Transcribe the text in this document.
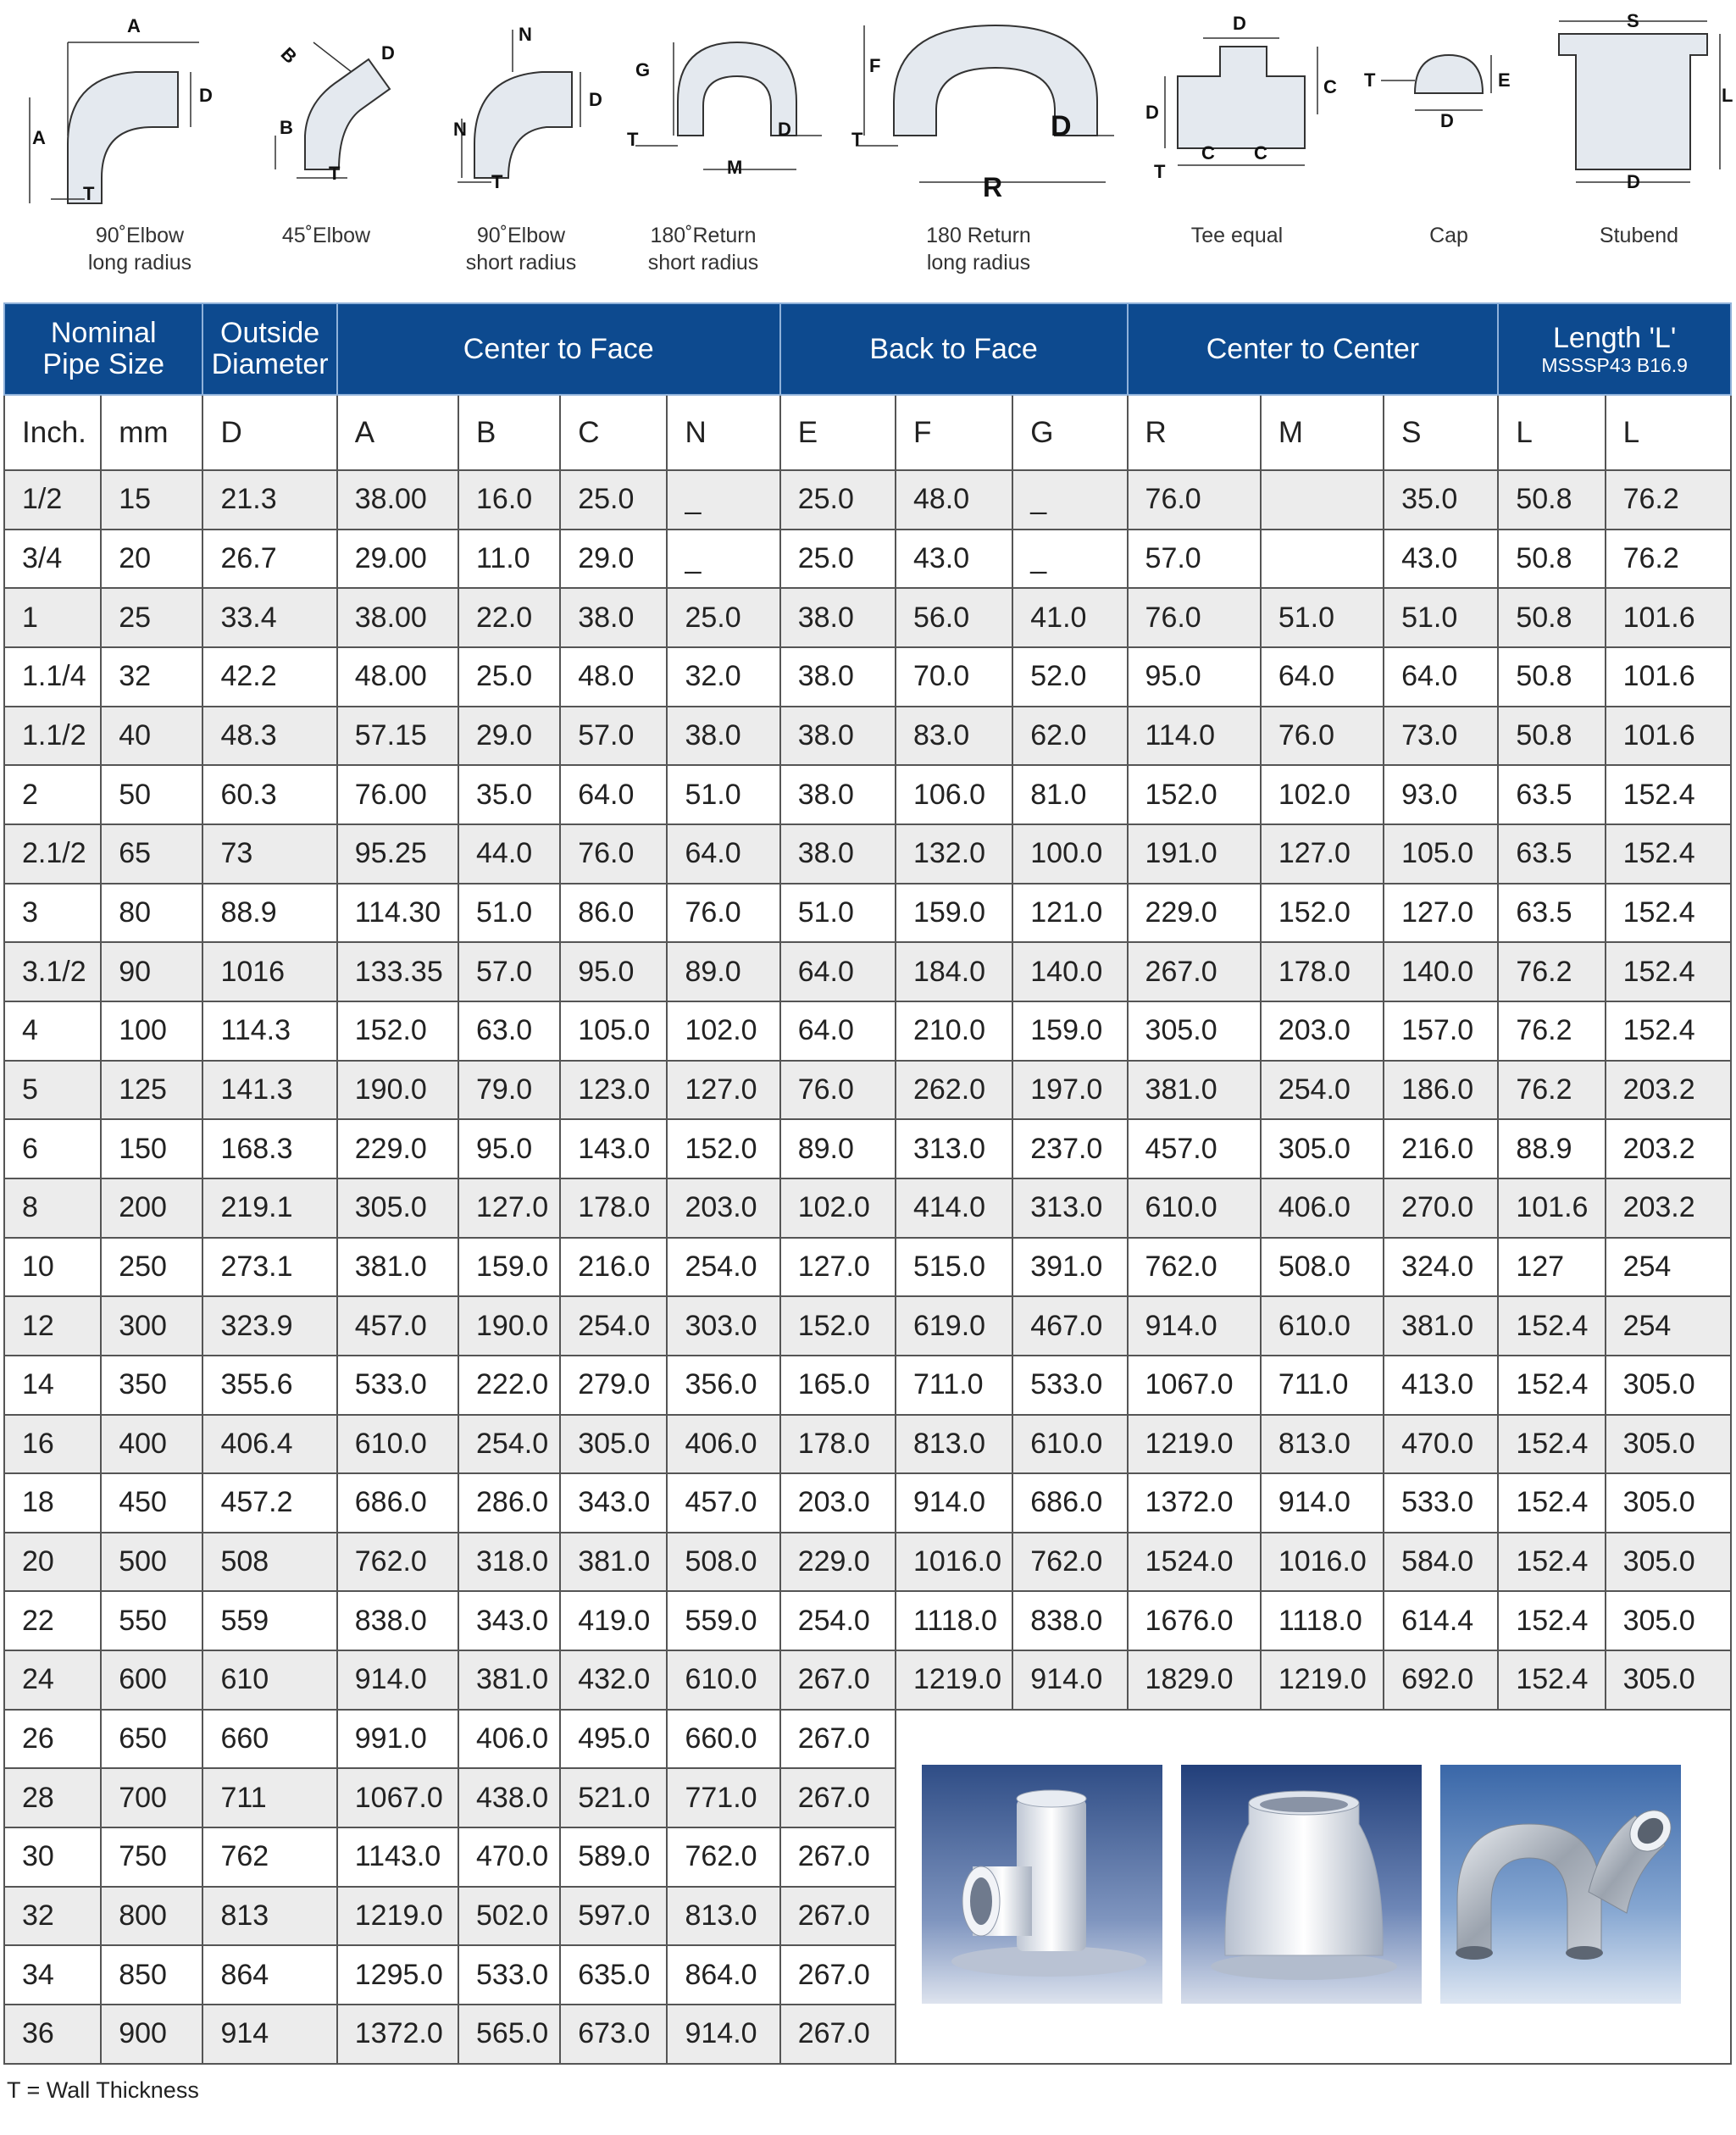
A
D
A
T
90˚Elbow
long radius
B
D
B
T
45˚Elbow
N
D
N
T
90˚Elbow
short radius
G
T	D
M
180˚Return
short radius
F
T	D
R
180 Return
long radius
D
C
D
T
C C
Tee equal
E
T
D
Cap
S
L
D
Stubend
Nominal
Pipe Size		Outside
Diameter	Center to Face				Back to Face			Center to Center			Length 'L'
MSSSP43 B16.9	

Inch.	mm	D	A	B	C	N	E	F	G	R	M	S	L	L
1/2	15	21.3	38.00	16.0	25.0	_	25.0	48.0	_	76.0		35.0	50.8	76.2
3/4	20	26.7	29.00	11.0	29.0	_	25.0	43.0	_	57.0		43.0	50.8	76.2
1	25	33.4	38.00	22.0	38.0	25.0	38.0	56.0	41.0	76.0	51.0	51.0	50.8	101.6
1.1/4	32	42.2	48.00	25.0	48.0	32.0	38.0	70.0	52.0	95.0	64.0	64.0	50.8	101.6
1.1/2	40	48.3	57.15	29.0	57.0	38.0	38.0	83.0	62.0	114.0	76.0	73.0	50.8	101.6
2	50	60.3	76.00	35.0	64.0	51.0	38.0	106.0	81.0	152.0	102.0	93.0	63.5	152.4
2.1/2	65	73	95.25	44.0	76.0	64.0	38.0	132.0	100.0	191.0	127.0	105.0	63.5	152.4
3	80	88.9	114.30	51.0	86.0	76.0	51.0	159.0	121.0	229.0	152.0	127.0	63.5	152.4
3.1/2	90	1016	133.35	57.0	95.0	89.0	64.0	184.0	140.0	267.0	178.0	140.0	76.2	152.4
4	100	114.3	152.0	63.0	105.0	102.0	64.0	210.0	159.0	305.0	203.0	157.0	76.2	152.4
5	125	141.3	190.0	79.0	123.0	127.0	76.0	262.0	197.0	381.0	254.0	186.0	76.2	203.2
6	150	168.3	229.0	95.0	143.0	152.0	89.0	313.0	237.0	457.0	305.0	216.0	88.9	203.2
8	200	219.1	305.0	127.0	178.0	203.0	102.0	414.0	313.0	610.0	406.0	270.0	101.6	203.2
10	250	273.1	381.0	159.0	216.0	254.0	127.0	515.0	391.0	762.0	508.0	324.0	127	254
12	300	323.9	457.0	190.0	254.0	303.0	152.0	619.0	467.0	914.0	610.0	381.0	152.4	254
14	350	355.6	533.0	222.0	279.0	356.0	165.0	711.0	533.0	1067.0	711.0	413.0	152.4	305.0
16	400	406.4	610.0	254.0	305.0	406.0	178.0	813.0	610.0	1219.0	813.0	470.0	152.4	305.0
18	450	457.2	686.0	286.0	343.0	457.0	203.0	914.0	686.0	1372.0	914.0	533.0	152.4	305.0
20	500	508	762.0	318.0	381.0	508.0	229.0	1016.0	762.0	1524.0	1016.0	584.0	152.4	305.0
22	550	559	838.0	343.0	419.0	559.0	254.0	1118.0	838.0	1676.0	1118.0	614.4	152.4	305.0
24	600	610	914.0	381.0	432.0	610.0	267.0	1219.0	914.0	1829.0	1219.0	692.0	152.4	305.0
26	650	660	991.0	406.0	495.0	660.0	267.0	

28	700	711	1067.0	438.0	521.0	771.0	267.0							
30	750	762	1143.0	470.0	589.0	762.0	267.0							
32	800	813	1219.0	502.0	597.0	813.0	267.0							
34	850	864	1295.0	533.0	635.0	864.0	267.0							
36	900	914	1372.0	565.0	673.0	914.0	267.0							
T = Wall Thickness
